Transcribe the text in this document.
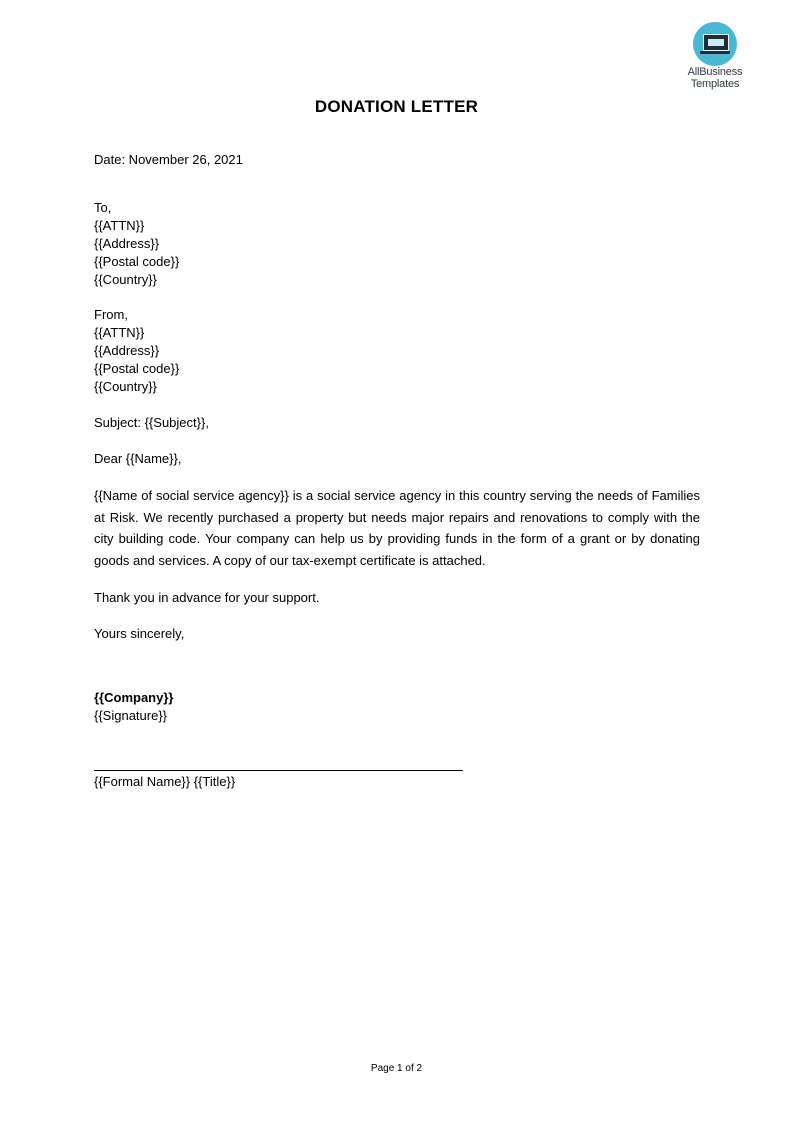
AllBusiness
Templates
DONATION LETTER
Date: November 26, 2021
To,
{{ATTN}}
{{Address}}
{{Postal code}}
{{Country}}
From,
{{ATTN}}
{{Address}}
{{Postal code}}
{{Country}}
Subject: {{Subject}},
Dear {{Name}},
{{Name of social service agency}} is a social service agency in this country serving the needs of Families at Risk. We recently purchased a property but needs major repairs and renovations to comply with the city building code. Your company can help us by providing funds in the form of a grant or by donating goods and services. A copy of our tax-exempt certificate is attached.
Thank you in advance for your support.
Yours sincerely,
{{Company}}
{{Signature}}
{{Formal Name}} {{Title}}
Page 1 of 2
